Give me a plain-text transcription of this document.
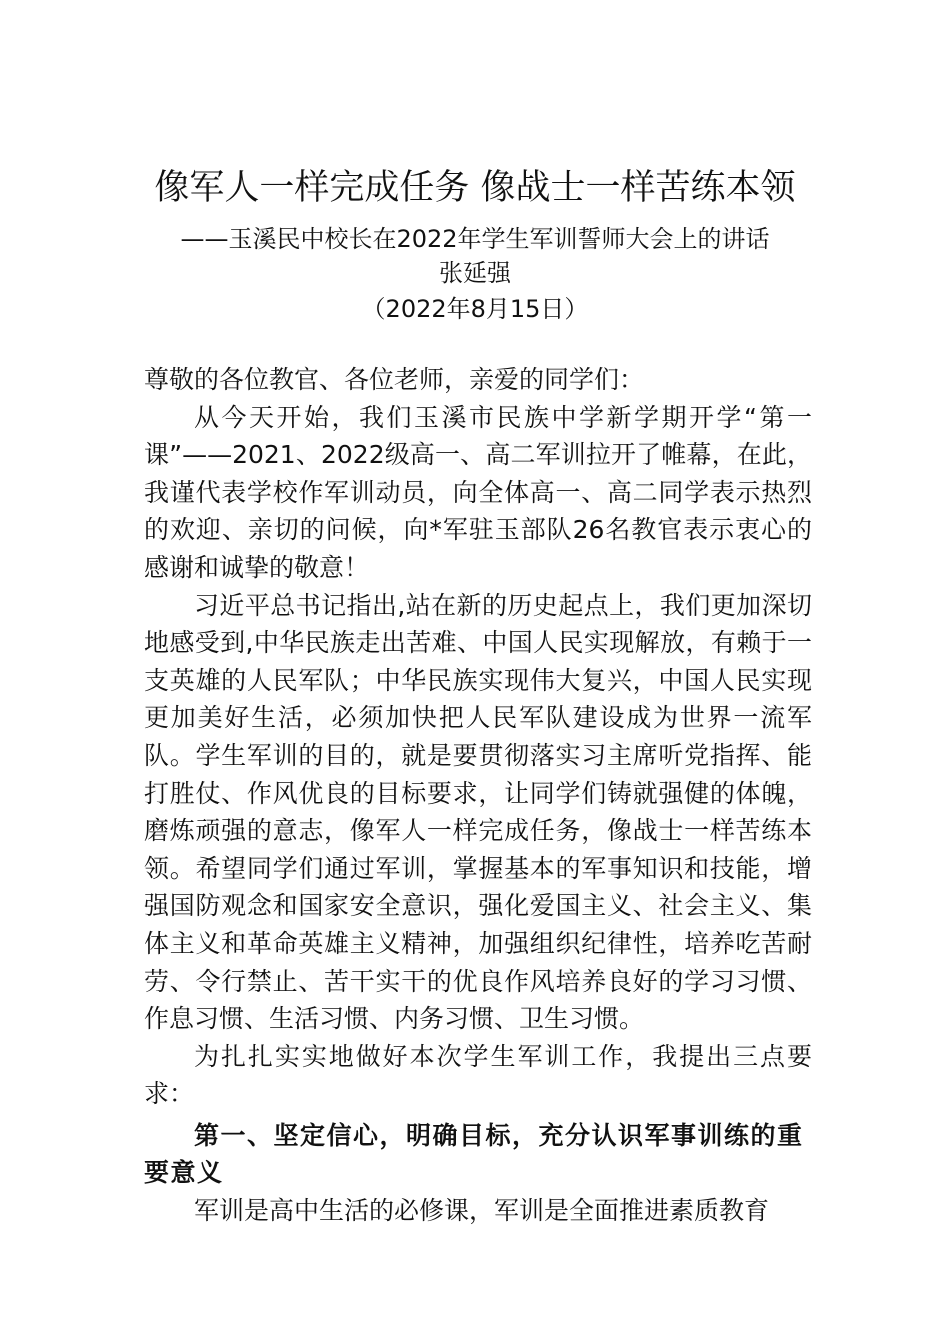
像军人一样完成任务 像战士一样苦练本领
——玉溪民中校长在2022年学生军训誓师大会上的讲话
张延强
（2022年8月15日）

尊敬的各位教官、各位老师，亲爱的同学们：

从今天开始，我们玉溪市民族中学新学期开学“第一课”——2021、2022级高一、高二军训拉开了帷幕，在此，我谨代表学校作军训动员，向全体高一、高二同学表示热烈的欢迎、亲切的问候，向*军驻玉部队26名教官表示衷心的感谢和诚挚的敬意！

习近平总书记指出,站在新的历史起点上，我们更加深切地感受到,中华民族走出苦难、中国人民实现解放，有赖于一支英雄的人民军队；中华民族实现伟大复兴，中国人民实现更加美好生活，必须加快把人民军队建设成为世界一流军队。学生军训的目的，就是要贯彻落实习主席听党指挥、能打胜仗、作风优良的目标要求，让同学们铸就强健的体魄，磨炼顽强的意志，像军人一样完成任务，像战士一样苦练本领。希望同学们通过军训，掌握基本的军事知识和技能，增强国防观念和国家安全意识，强化爱国主义、社会主义、集体主义和革命英雄主义精神，加强组织纪律性，培养吃苦耐劳、令行禁止、苦干实干的优良作风培养良好的学习习惯、作息习惯、生活习惯、内务习惯、卫生习惯。

为扎扎实实地做好本次学生军训工作，我提出三点要求：

第一、坚定信心，明确目标，充分认识军事训练的重要意义

军训是高中生活的必修课，军训是全面推进素质教育
